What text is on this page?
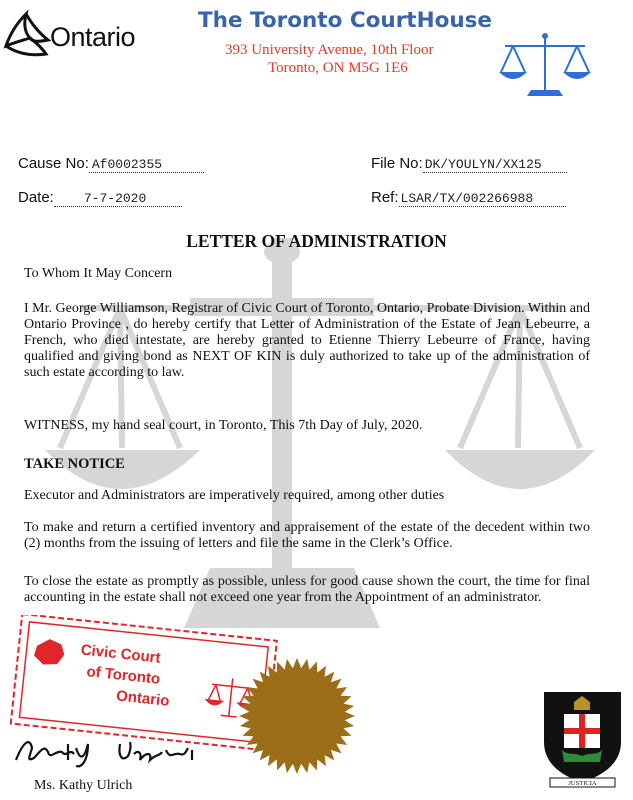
Ontario
The Toronto CourtHouse
393 University Avenue, 10th Floor
Toronto, ON M5G 1E6
Cause No: Af0002355
Date: 7-7-2020
File No: DK/YOULYN/XX125
Ref: LSAR/TX/002266988
LETTER OF ADMINISTRATION
To Whom It May Concern
I Mr. George Williamson, Registrar of Civic Court of Toronto, Ontario, Probate Division. Within and Ontario Province , do hereby certify that Letter of Administration of the Estate of Jean Lebeurre, a French, who died intestate, are hereby granted to Etienne Thierry Lebeurre of France, having qualified and giving bond as NEXT OF KIN is duly authorized to take up of the administration of such estate according to law.
WITNESS, my hand seal court, in Toronto, This 7th Day of July, 2020.
TAKE NOTICE
Executor and Administrators are imperatively required, among other duties
To make and return a certified inventory and appraisement of the estate of the decedent within two (2) months from the issuing of letters and file the same in the Clerk’s Office.
To close the estate as promptly as possible, unless for good cause shown the court, the time for final accounting in the estate shall not exceed one year from the Appointment of an administrator.
Civic Court
of Toronto
Ontario
Ms. Kathy Ulrich	JUSTICIA
